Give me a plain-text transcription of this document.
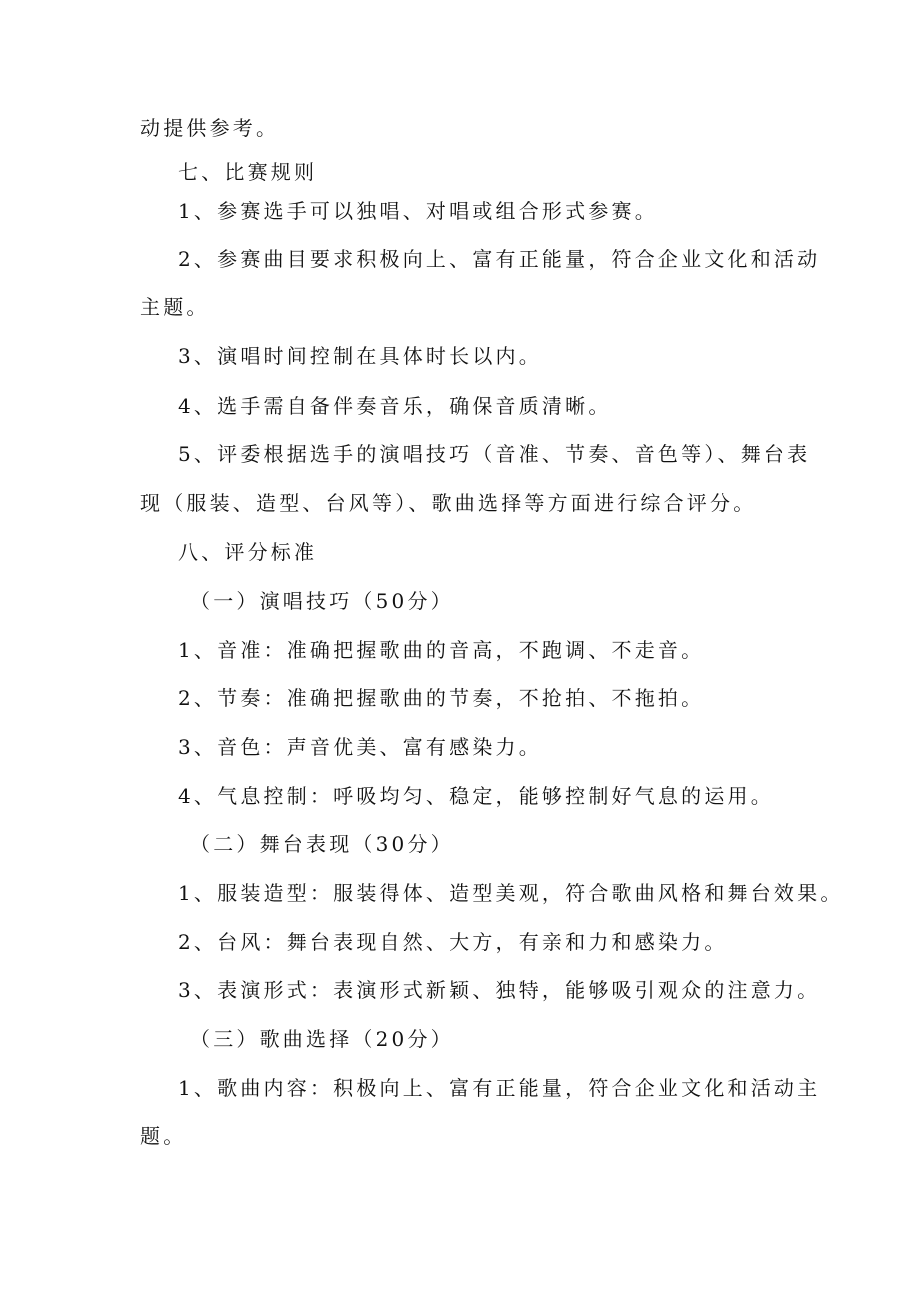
动提供参考。
七、比赛规则
1、参赛选手可以独唱、对唱或组合形式参赛。
2、参赛曲目要求积极向上、富有正能量，符合企业文化和活动
主题。
3、演唱时间控制在具体时长以内。
4、选手需自备伴奏音乐，确保音质清晰。
5、评委根据选手的演唱技巧（音准、节奏、音色等）、舞台表
现（服装、造型、台风等）、歌曲选择等方面进行综合评分。
八、评分标准
（一）演唱技巧（50分）
1、音准：准确把握歌曲的音高，不跑调、不走音。
2、节奏：准确把握歌曲的节奏，不抢拍、不拖拍。
3、音色：声音优美、富有感染力。
4、气息控制：呼吸均匀、稳定，能够控制好气息的运用。
（二）舞台表现（30分）
1、服装造型：服装得体、造型美观，符合歌曲风格和舞台效果。
2、台风：舞台表现自然、大方，有亲和力和感染力。
3、表演形式：表演形式新颖、独特，能够吸引观众的注意力。
（三）歌曲选择（20分）
1、歌曲内容：积极向上、富有正能量，符合企业文化和活动主
题。
